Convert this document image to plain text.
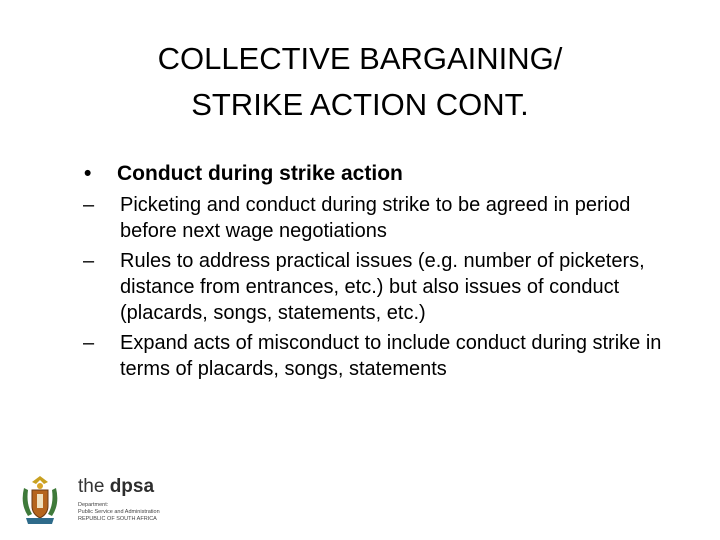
COLLECTIVE BARGAINING/
STRIKE ACTION CONT.
• Conduct during strike action
– Picketing and conduct during strike to be agreed in period before next wage negotiations
– Rules to address practical issues (e.g. number of picketers, distance from entrances, etc.) but also issues of conduct (placards, songs, statements, etc.)
– Expand acts of misconduct to include conduct during strike in terms of placards, songs, statements
the dpsa
Department:
Public Service and Administration
REPUBLIC OF SOUTH AFRICA
